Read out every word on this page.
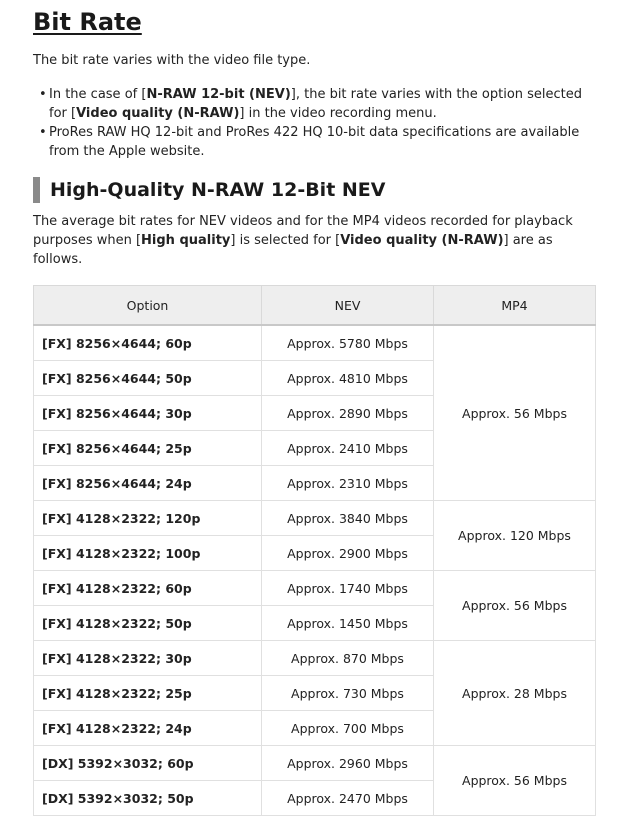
Bit Rate

The bit rate varies with the video file type.

• In the case of [N-RAW 12-bit (NEV)], the bit rate varies with the option selected for [Video quality (N-RAW)] in the video recording menu.
• ProRes RAW HQ 12-bit and ProRes 422 HQ 10-bit data specifications are available from the Apple website.
High-Quality N-RAW 12-Bit NEV

The average bit rates for NEV videos and for the MP4 videos recorded for playback purposes when [High quality] is selected for [Video quality (N-RAW)] are as follows.

Option	NEV	MP4
[FX] 8256×4644; 60p	Approx. 5780 Mbps	Approx. 56 Mbps
[FX] 8256×4644; 50p	Approx. 4810 Mbps	
[FX] 8256×4644; 30p	Approx. 2890 Mbps	
[FX] 8256×4644; 25p	Approx. 2410 Mbps	
[FX] 8256×4644; 24p	Approx. 2310 Mbps	
[FX] 4128×2322; 120p	Approx. 3840 Mbps	Approx. 120 Mbps
[FX] 4128×2322; 100p	Approx. 2900 Mbps	
[FX] 4128×2322; 60p	Approx. 1740 Mbps	Approx. 56 Mbps
[FX] 4128×2322; 50p	Approx. 1450 Mbps	
[FX] 4128×2322; 30p	Approx. 870 Mbps	Approx. 28 Mbps
[FX] 4128×2322; 25p	Approx. 730 Mbps	
[FX] 4128×2322; 24p	Approx. 700 Mbps	
[DX] 5392×3032; 60p	Approx. 2960 Mbps	Approx. 56 Mbps
[DX] 5392×3032; 50p	Approx. 2470 Mbps	
